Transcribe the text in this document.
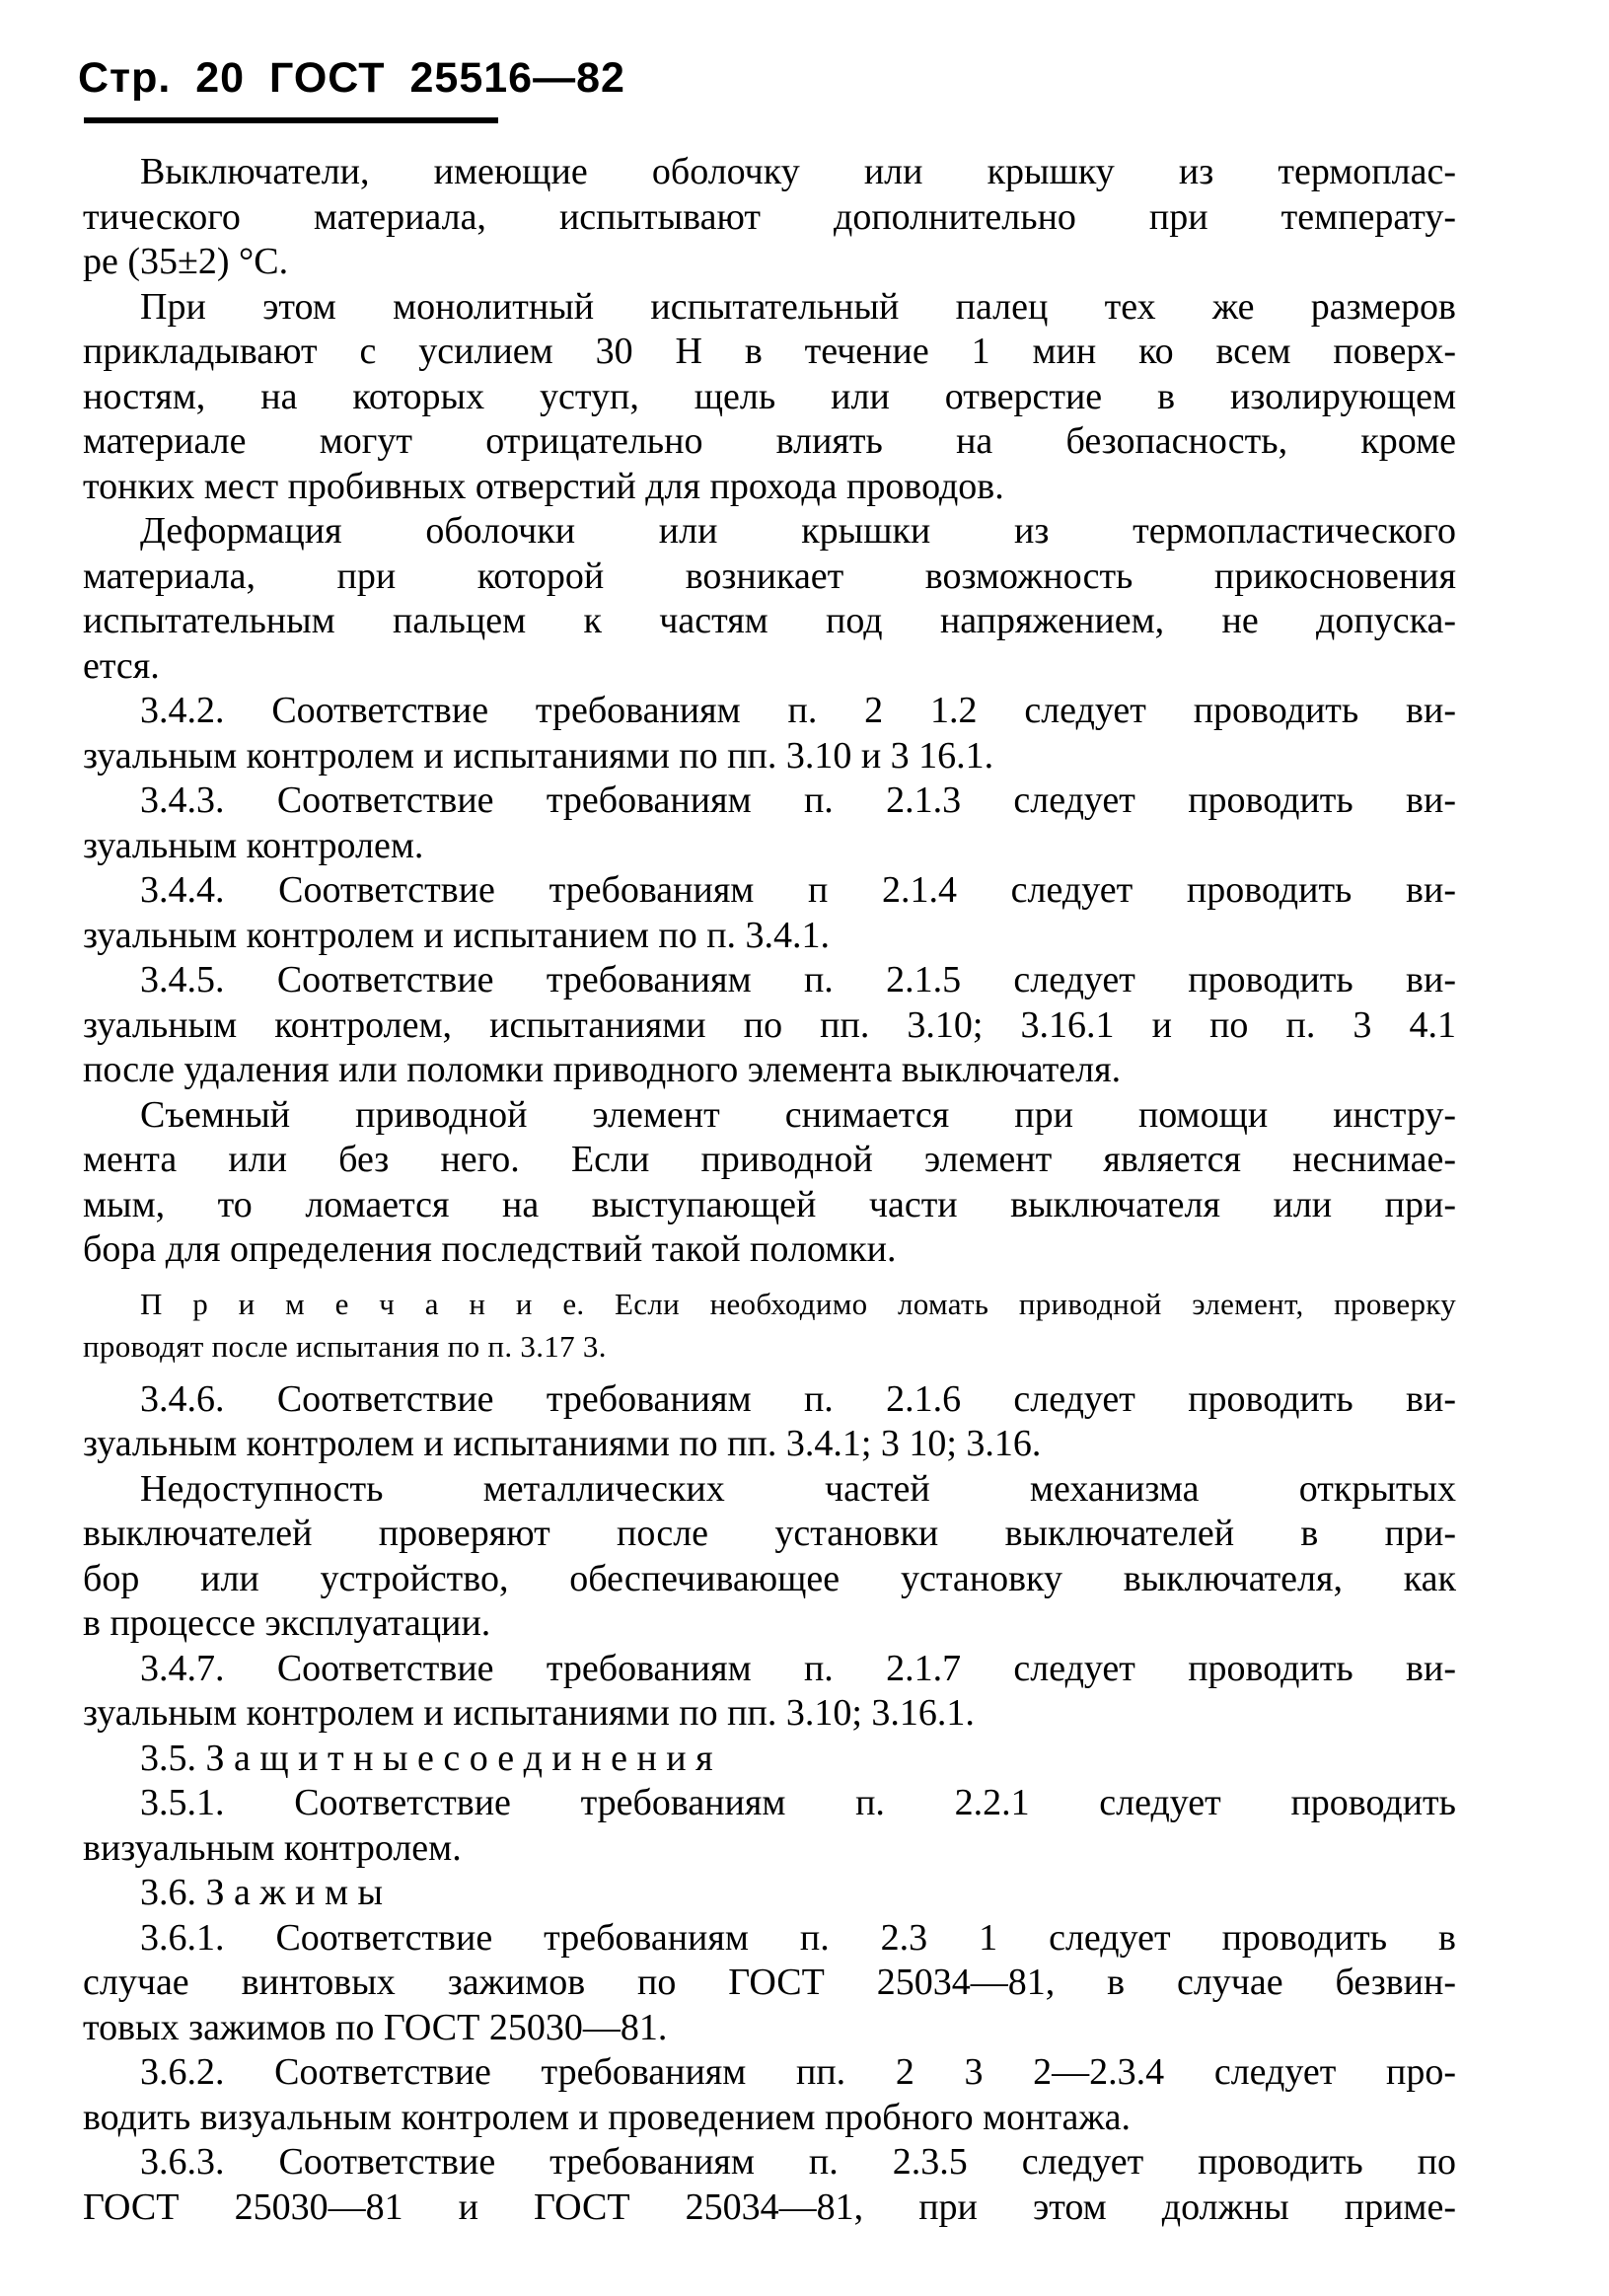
Стр. 20 ГОСТ 25516—82
Выключатели, имеющие оболочку или крышку из термоплас-
тического материала, испытывают дополнительно при температу-
ре (35±2) °С.
При этом монолитный испытательный палец тех же размеров
прикладывают с усилием 30 Н в течение 1 мин ко всем поверх-
ностям, на которых уступ, щель или отверстие в изолирующем
материале могут отрицательно влиять на безопасность, кроме
тонких мест пробивных отверстий для прохода проводов.
Деформация оболочки или крышки из термопластического
материала, при которой возникает возможность прикосновения
испытательным пальцем к частям под напряжением, не допуска-
ется.
3.4.2. Соответствие требованиям п. 2 1.2 следует проводить ви-
зуальным контролем и испытаниями по пп. 3.10 и 3 16.1.
3.4.3. Соответствие требованиям п. 2.1.3 следует проводить ви-
зуальным контролем.
3.4.4. Соответствие требованиям п 2.1.4 следует проводить ви-
зуальным контролем и испытанием по п. 3.4.1.
3.4.5. Соответствие требованиям п. 2.1.5 следует проводить ви-
зуальным контролем, испытаниями по пп. 3.10; 3.16.1 и по п. 3 4.1
после удаления или поломки приводного элемента выключателя.
Съемный приводной элемент снимается при помощи инстру-
мента или без него. Если приводной элемент является неснимае-
мым, то ломается на выступающей части выключателя или при-
бора для определения последствий такой поломки.
П р и м е ч а н и е. Если необходимо ломать приводной элемент, проверку
проводят после испытания по п. 3.17 3.
3.4.6. Соответствие требованиям п. 2.1.6 следует проводить ви-
зуальным контролем и испытаниями по пп. 3.4.1; 3 10; 3.16.
Недоступность металлических частей механизма открытых
выключателей проверяют после установки выключателей в при-
бор или устройство, обеспечивающее установку выключателя, как
в процессе эксплуатации.
3.4.7. Соответствие требованиям п. 2.1.7 следует проводить ви-
зуальным контролем и испытаниями по пп. 3.10; 3.16.1.
3.5. З а щ и т н ы е с о е д и н е н и я
3.5.1. Соответствие требованиям п. 2.2.1 следует проводить
визуальным контролем.
3.6. З а ж и м ы
3.6.1. Соответствие требованиям п. 2.3 1 следует проводить в
случае винтовых зажимов по ГОСТ 25034—81, в случае безвин-
товых зажимов по ГОСТ 25030—81.
3.6.2. Соответствие требованиям пп. 2 3 2—2.3.4 следует про-
водить визуальным контролем и проведением пробного монтажа.
3.6.3. Соответствие требованиям п. 2.3.5 следует проводить по
ГОСТ 25030—81 и ГОСТ 25034—81, при этом должны приме-
